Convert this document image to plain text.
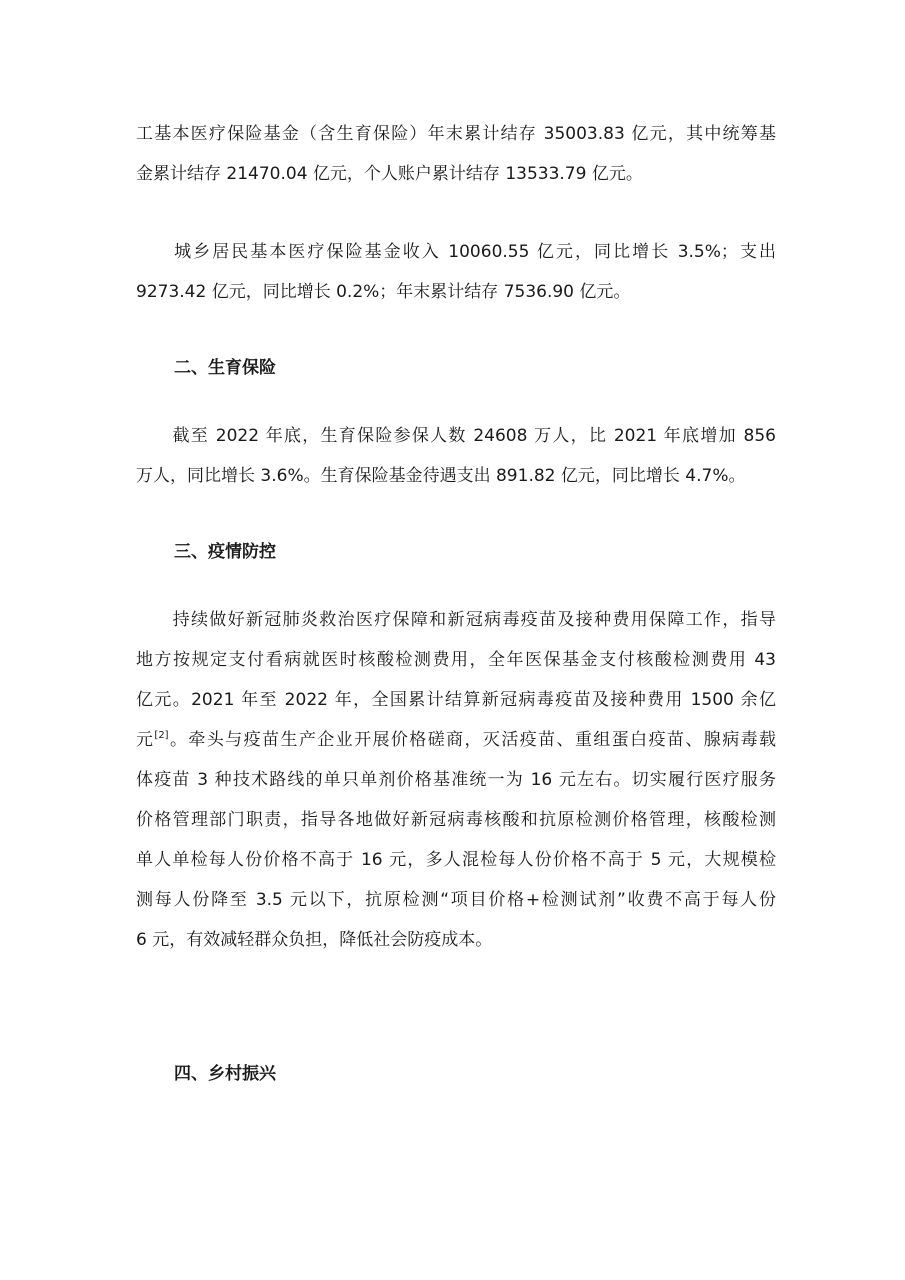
工基本医疗保险基金（含生育保险）年末累计结存 35003.83 亿元，其中统筹基
金累计结存 21470.04 亿元，个人账户累计结存 13533.79 亿元。

　　城乡居民基本医疗保险基金收入 10060.55 亿元，同比增长 3.5%；支出
9273.42 亿元，同比增长 0.2%；年末累计结存 7536.90 亿元。

二、生育保险

　　截至 2022 年底，生育保险参保人数 24608 万人，比 2021 年底增加 856
万人，同比增长 3.6%。生育保险基金待遇支出 891.82 亿元，同比增长 4.7%。

三、疫情防控

　　持续做好新冠肺炎救治医疗保障和新冠病毒疫苗及接种费用保障工作，指导
地方按规定支付看病就医时核酸检测费用，全年医保基金支付核酸检测费用 43
亿元。2021 年至 2022 年，全国累计结算新冠病毒疫苗及接种费用 1500 余亿
元[2]。牵头与疫苗生产企业开展价格磋商，灭活疫苗、重组蛋白疫苗、腺病毒载
体疫苗 3 种技术路线的单只单剂价格基准统一为 16 元左右。切实履行医疗服务
价格管理部门职责，指导各地做好新冠病毒核酸和抗原检测价格管理，核酸检测
单人单检每人份价格不高于 16 元，多人混检每人份价格不高于 5 元，大规模检
测每人份降至 3.5 元以下，抗原检测“项目价格+检测试剂”收费不高于每人份
6 元，有效减轻群众负担，降低社会防疫成本。

四、乡村振兴
